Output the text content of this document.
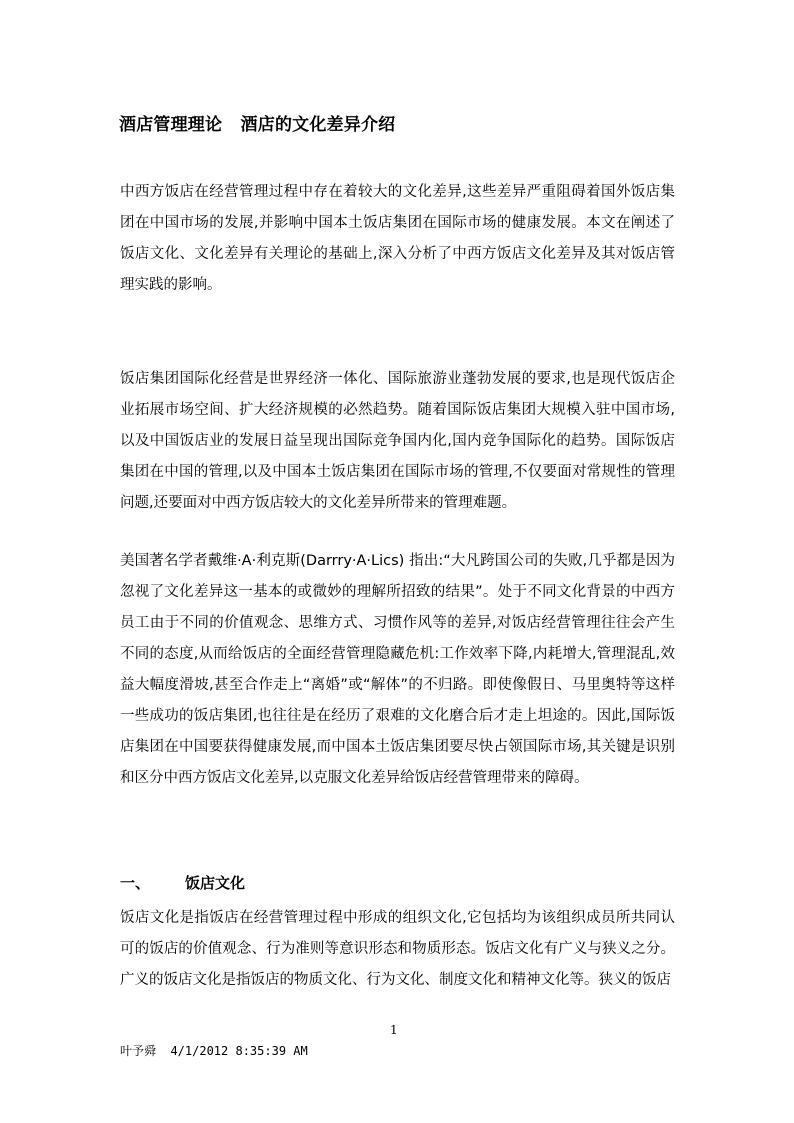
酒店管理理论   酒店的文化差异介绍
中西方饭店在经营管理过程中存在着较大的文化差异,这些差异严重阻碍着国外饭店集团在中国市场的发展,并影响中国本土饭店集团在国际市场的健康发展。本文在阐述了饭店文化、文化差异有关理论的基础上,深入分析了中西方饭店文化差异及其对饭店管理实践的影响。
饭店集团国际化经营是世界经济一体化、国际旅游业蓬勃发展的要求,也是现代饭店企业拓展市场空间、扩大经济规模的必然趋势。随着国际饭店集团大规模入驻中国市场,以及中国饭店业的发展日益呈现出国际竞争国内化,国内竞争国际化的趋势。国际饭店集团在中国的管理,以及中国本土饭店集团在国际市场的管理,不仅要面对常规性的管理问题,还要面对中西方饭店较大的文化差异所带来的管理难题。
美国著名学者戴维·A·利克斯(Darrry·A·Lics) 指出:“大凡跨国公司的失败,几乎都是因为忽视了文化差异这一基本的或微妙的理解所招致的结果”。处于不同文化背景的中西方员工由于不同的价值观念、思维方式、习惯作风等的差异,对饭店经营管理往往会产生不同的态度,从而给饭店的全面经营管理隐藏危机:工作效率下降,内耗增大,管理混乱,效益大幅度滑坡,甚至合作走上“离婚”或“解体”的不归路。即使像假日、马里奥特等这样一些成功的饭店集团,也往往是在经历了艰难的文化磨合后才走上坦途的。因此,国际饭店集团在中国要获得健康发展,而中国本土饭店集团要尽快占领国际市场,其关键是识别和区分中西方饭店文化差异,以克服文化差异给饭店经营管理带来的障碍。
一、 饭店文化
饭店文化是指饭店在经营管理过程中形成的组织文化,它包括均为该组织成员所共同认可的饭店的价值观念、行为准则等意识形态和物质形态。饭店文化有广义与狭义之分。广义的饭店文化是指饭店的物质文化、行为文化、制度文化和精神文化等。狭义的饭店
1
叶予舜  4/1/2012 8:35:39 AM
